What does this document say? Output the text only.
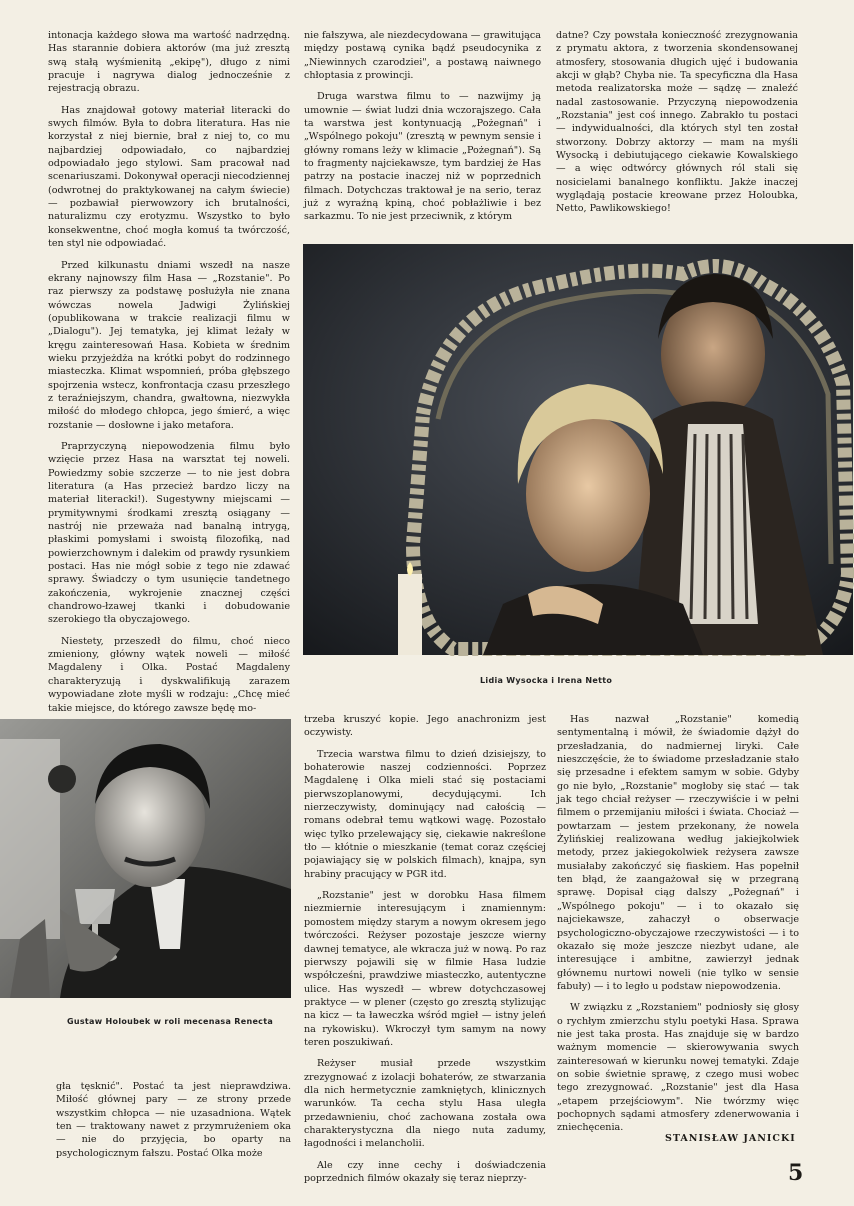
intonacja każdego słowa ma wartość nadrzędną. Has starannie dobiera aktorów (ma już zresztą swą stałą wyśmienitą „ekipę"), długo z nimi pracuje i nagrywa dialog jednocześnie z rejestracją obrazu.

Has znajdował gotowy materiał literacki do swych filmów. Była to dobra literatura. Has nie korzystał z niej biernie, brał z niej to, co mu najbardziej odpowiadało, co najbardziej odpowiadało jego stylowi. Sam pracował nad scenariuszami. Dokonywał operacji niecodziennej (odwrotnej do praktykowanej na całym świecie) — pozbawiał pierwowzory ich brutalności, naturalizmu czy erotyzmu. Wszystko to było konsekwentne, choć mogła komuś ta twórczość, ten styl nie odpowiadać.

Przed kilkunastu dniami wszedł na nasze ekrany najnowszy film Hasa — „Rozstanie". Po raz pierwszy za podstawę posłużyła nie znana wówczas nowela Jadwigi Żylińskiej (opublikowana w trakcie realizacji filmu w „Dialogu"). Jej tematyka, jej klimat leżały w kręgu zainteresowań Hasa. Kobieta w średnim wieku przyjeżdża na krótki pobyt do rodzinnego miasteczka. Klimat wspomnień, próba głębszego spojrzenia wstecz, konfrontacja czasu przeszłego z teraźniejszym, chandra, gwałtowna, niezwykła miłość do młodego chłopca, jego śmierć, a więc rozstanie — dosłowne i jako metafora.

Praprzyczyną niepowodzenia filmu było wzięcie przez Hasa na warsztat tej noweli. Powiedzmy sobie szczerze — to nie jest dobra literatura (a Has przecież bardzo liczy na materiał literacki!). Sugestywny miejscami — prymitywnymi środkami zresztą osiągany — nastrój nie przeważa nad banalną intrygą, płaskimi pomysłami i swoistą filozofiką, nad powierzchownym i dalekim od prawdy rysunkiem postaci. Has nie mógł sobie z tego nie zdawać sprawy. Świadczy o tym usunięcie tandetnego zakończenia, wykrojenie znacznej części chandrowo-łzawej tkanki i dobudowanie szerokiego tła obyczajowego.

Niestety, przeszedł do filmu, choć nieco zmieniony, główny wątek noweli — miłość Magdaleny i Olka. Postać Magdaleny charakteryzują i dyskwalifikują zarazem wypowiadane złote myśli w rodzaju: „Chcę mieć takie miejsce, do którego zawsze będę mo-

nie fałszywa, ale niezdecydowana — grawitująca między postawą cynika bądź pseudocynika z „Niewinnych czarodziei", a postawą naiwnego chłoptasia z prowincji.

Druga warstwa filmu to — nazwijmy ją umownie — świat ludzi dnia wczorajszego. Cała ta warstwa jest kontynuacją „Pożegnań" i „Wspólnego pokoju" (zresztą w pewnym sensie i główny romans leży w klimacie „Pożegnań"). Są to fragmenty najciekawsze, tym bardziej że Has patrzy na postacie inaczej niż w poprzednich filmach. Dotychczas traktował je na serio, teraz już z wyraźną kpiną, choć pobłażliwie i bez sarkazmu. To nie jest przeciwnik, z którym

datne? Czy powstała konieczność zrezygnowania z prymatu aktora, z tworzenia skondensowanej atmosfery, stosowania długich ujęć i budowania akcji w głąb? Chyba nie. Ta specyficzna dla Hasa metoda realizatorska może — sądzę — znaleźć nadal zastosowanie. Przyczyną niepowodzenia „Rozstania" jest coś innego. Zabrakło tu postaci — indywidualności, dla których styl ten został stworzony. Dobrzy aktorzy — mam na myśli Wysocką i debiutującego ciekawie Kowalskiego — a więc odtwórcy głównych ról stali się nosicielami banalnego konfliktu. Jakże inaczej wyglądają postacie kreowane przez Holoubka, Netto, Pawlikowskiego!

Lidia Wysocka i Irena Netto
Gustaw Holoubek w roli mecenasa Renecta

gła tęsknić". Postać ta jest nieprawdziwa. Miłość głównej pary — ze strony przede wszystkim chłopca — nie uzasadniona. Wątek ten — traktowany nawet z przymrużeniem oka — nie do przyjęcia, bo oparty na psychologicznym fałszu. Postać Olka może

trzeba kruszyć kopie. Jego anachronizm jest oczywisty.

Trzecia warstwa filmu to dzień dzisiejszy, to bohaterowie naszej codzienności. Poprzez Magdalenę i Olka mieli stać się postaciami pierwszoplanowymi, decydującymi. Ich nierzeczywisty, dominujący nad całością — romans odebrał temu wątkowi wagę. Pozostało więc tylko przelewający się, ciekawie nakreślone tło — kłótnie o mieszkanie (temat coraz częściej pojawiający się w polskich filmach), knajpa, syn hrabiny pracujący w PGR itd.

„Rozstanie" jest w dorobku Hasa filmem niezmiernie interesującym i znamiennym: pomostem między starym a nowym okresem jego twórczości. Reżyser pozostaje jeszcze wierny dawnej tematyce, ale wkracza już w nową. Po raz pierwszy pojawili się w filmie Hasa ludzie współcześni, prawdziwe miasteczko, autentyczne ulice. Has wyszedł — wbrew dotychczasowej praktyce — w plener (często go zresztą stylizując na kicz — ta ławeczka wśród mgieł — istny jeleń na rykowisku). Wkroczył tym samym na nowy teren poszukiwań.

Reżyser musiał przede wszystkim zrezygnować z izolacji bohaterów, ze stwarzania dla nich hermetycznie zamkniętych, klinicznych warunków. Ta cecha stylu Hasa uległa przedawnieniu, choć zachowana została owa charakterystyczna dla niego nuta zadumy, łagodności i melancholii.

Ale czy inne cechy i doświadczenia poprzednich filmów okazały się teraz nieprzy-

Has nazwał „Rozstanie" komedią sentymentalną i mówił, że świadomie dążył do przesładzania, do nadmiernej liryki. Całe nieszczęście, że to świadome przesładzanie stało się przesadne i efektem samym w sobie. Gdyby go nie było, „Rozstanie" mogłoby się stać — tak jak tego chciał reżyser — rzeczywiście i w pełni filmem o przemijaniu miłości i świata. Chociaż — powtarzam — jestem przekonany, że nowela Żylińskiej realizowana według jakiejkolwiek metody, przez jakiegokolwiek reżysera zawsze musiałaby zakończyć się fiaskiem. Has popełnił ten błąd, że zaangażował się w przegraną sprawę. Dopisał ciąg dalszy „Pożegnań" i „Wspólnego pokoju" — i to okazało się najciekawsze, zahaczył o obserwacje psychologiczno-obyczajowe rzeczywistości — i to okazało się może jeszcze niezbyt udane, ale interesujące i ambitne, zawierzył jednak głównemu nurtowi noweli (nie tylko w sensie fabuły) — i to legło u podstaw niepowodzenia.

W związku z „Rozstaniem" podniosły się głosy o rychłym zmierzchu stylu poetyki Hasa. Sprawa nie jest taka prosta. Has znajduje się w bardzo ważnym momencie — skierowywania swych zainteresowań w kierunku nowej tematyki. Zdaje on sobie świetnie sprawę, z czego musi wobec tego zrezygnować. „Rozstanie" jest dla Hasa „etapem przejściowym". Nie twórzmy więc pochopnych sądami atmosfery zdenerwowania i zniechęcenia.

STANISŁAW JANICKI
5
